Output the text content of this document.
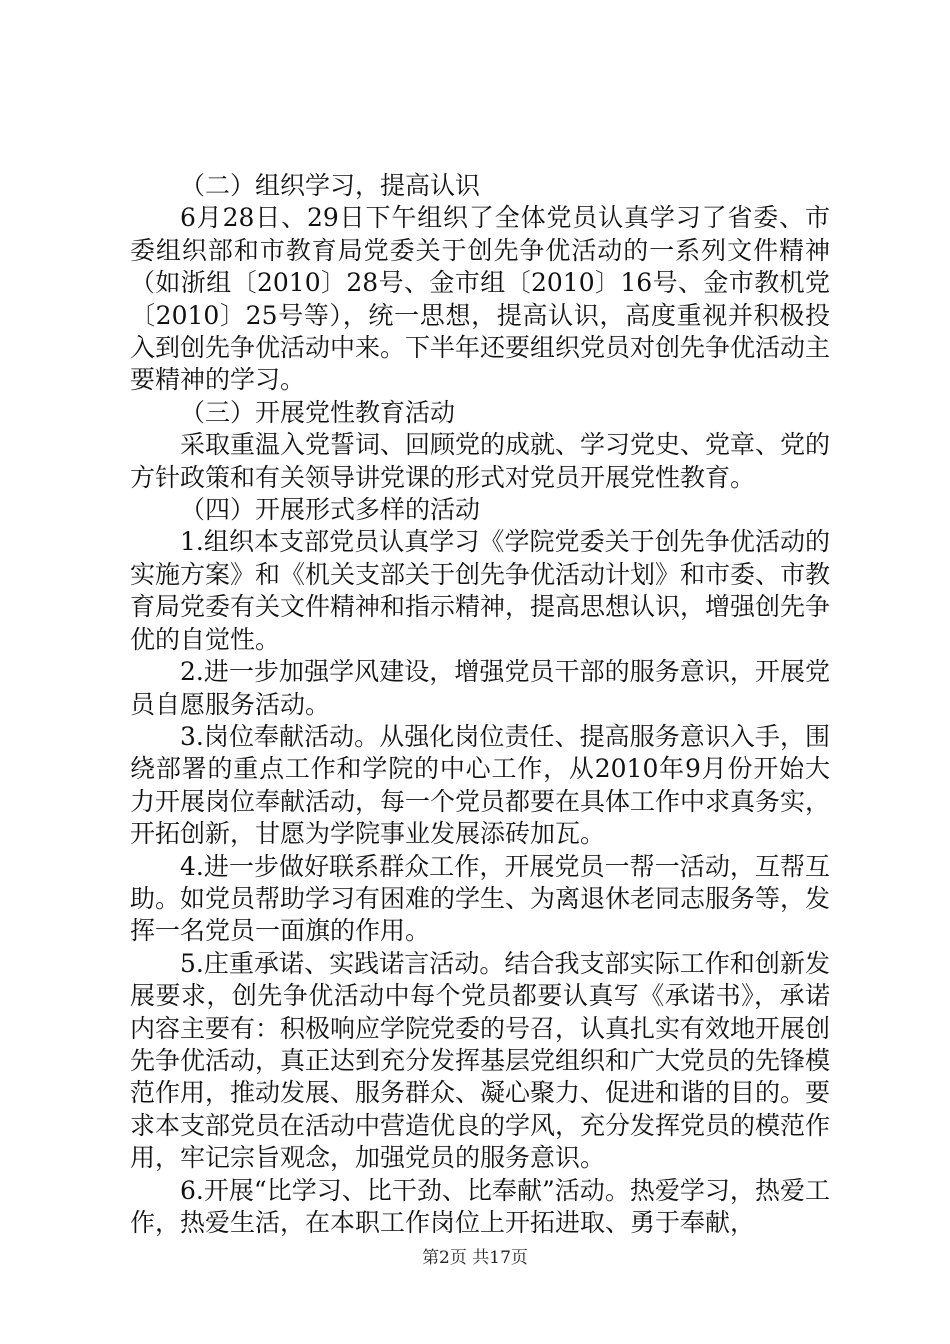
（二）组织学习，提高认识

6月28日、29日下午组织了全体党员认真学习了省委、市委组织部和市教育局党委关于创先争优活动的一系列文件精神（如浙组〔2010〕28号、金市组〔2010〕16号、金市教机党〔2010〕25号等），统一思想，提高认识，高度重视并积极投入到创先争优活动中来。下半年还要组织党员对创先争优活动主要精神的学习。

（三）开展党性教育活动

采取重温入党誓词、回顾党的成就、学习党史、党章、党的方针政策和有关领导讲党课的形式对党员开展党性教育。

（四）开展形式多样的活动

1.组织本支部党员认真学习《学院党委关于创先争优活动的实施方案》和《机关支部关于创先争优活动计划》和市委、市教育局党委有关文件精神和指示精神，提高思想认识，增强创先争优的自觉性。

2.进一步加强学风建设，增强党员干部的服务意识，开展党员自愿服务活动。

3.岗位奉献活动。从强化岗位责任、提高服务意识入手，围绕部署的重点工作和学院的中心工作，从2010年9月份开始大力开展岗位奉献活动，每一个党员都要在具体工作中求真务实，开拓创新，甘愿为学院事业发展添砖加瓦。

4.进一步做好联系群众工作，开展党员一帮一活动，互帮互助。如党员帮助学习有困难的学生、为离退休老同志服务等，发挥一名党员一面旗的作用。

5.庄重承诺、实践诺言活动。结合我支部实际工作和创新发展要求，创先争优活动中每个党员都要认真写《承诺书》，承诺内容主要有：积极响应学院党委的号召，认真扎实有效地开展创先争优活动，真正达到充分发挥基层党组织和广大党员的先锋模范作用，推动发展、服务群众、凝心聚力、促进和谐的目的。要求本支部党员在活动中营造优良的学风，充分发挥党员的模范作用，牢记宗旨观念，加强党员的服务意识。

6.开展“比学习、比干劲、比奉献”活动。热爱学习，热爱工作，热爱生活，在本职工作岗位上开拓进取、勇于奉献，

第2页 共17页
